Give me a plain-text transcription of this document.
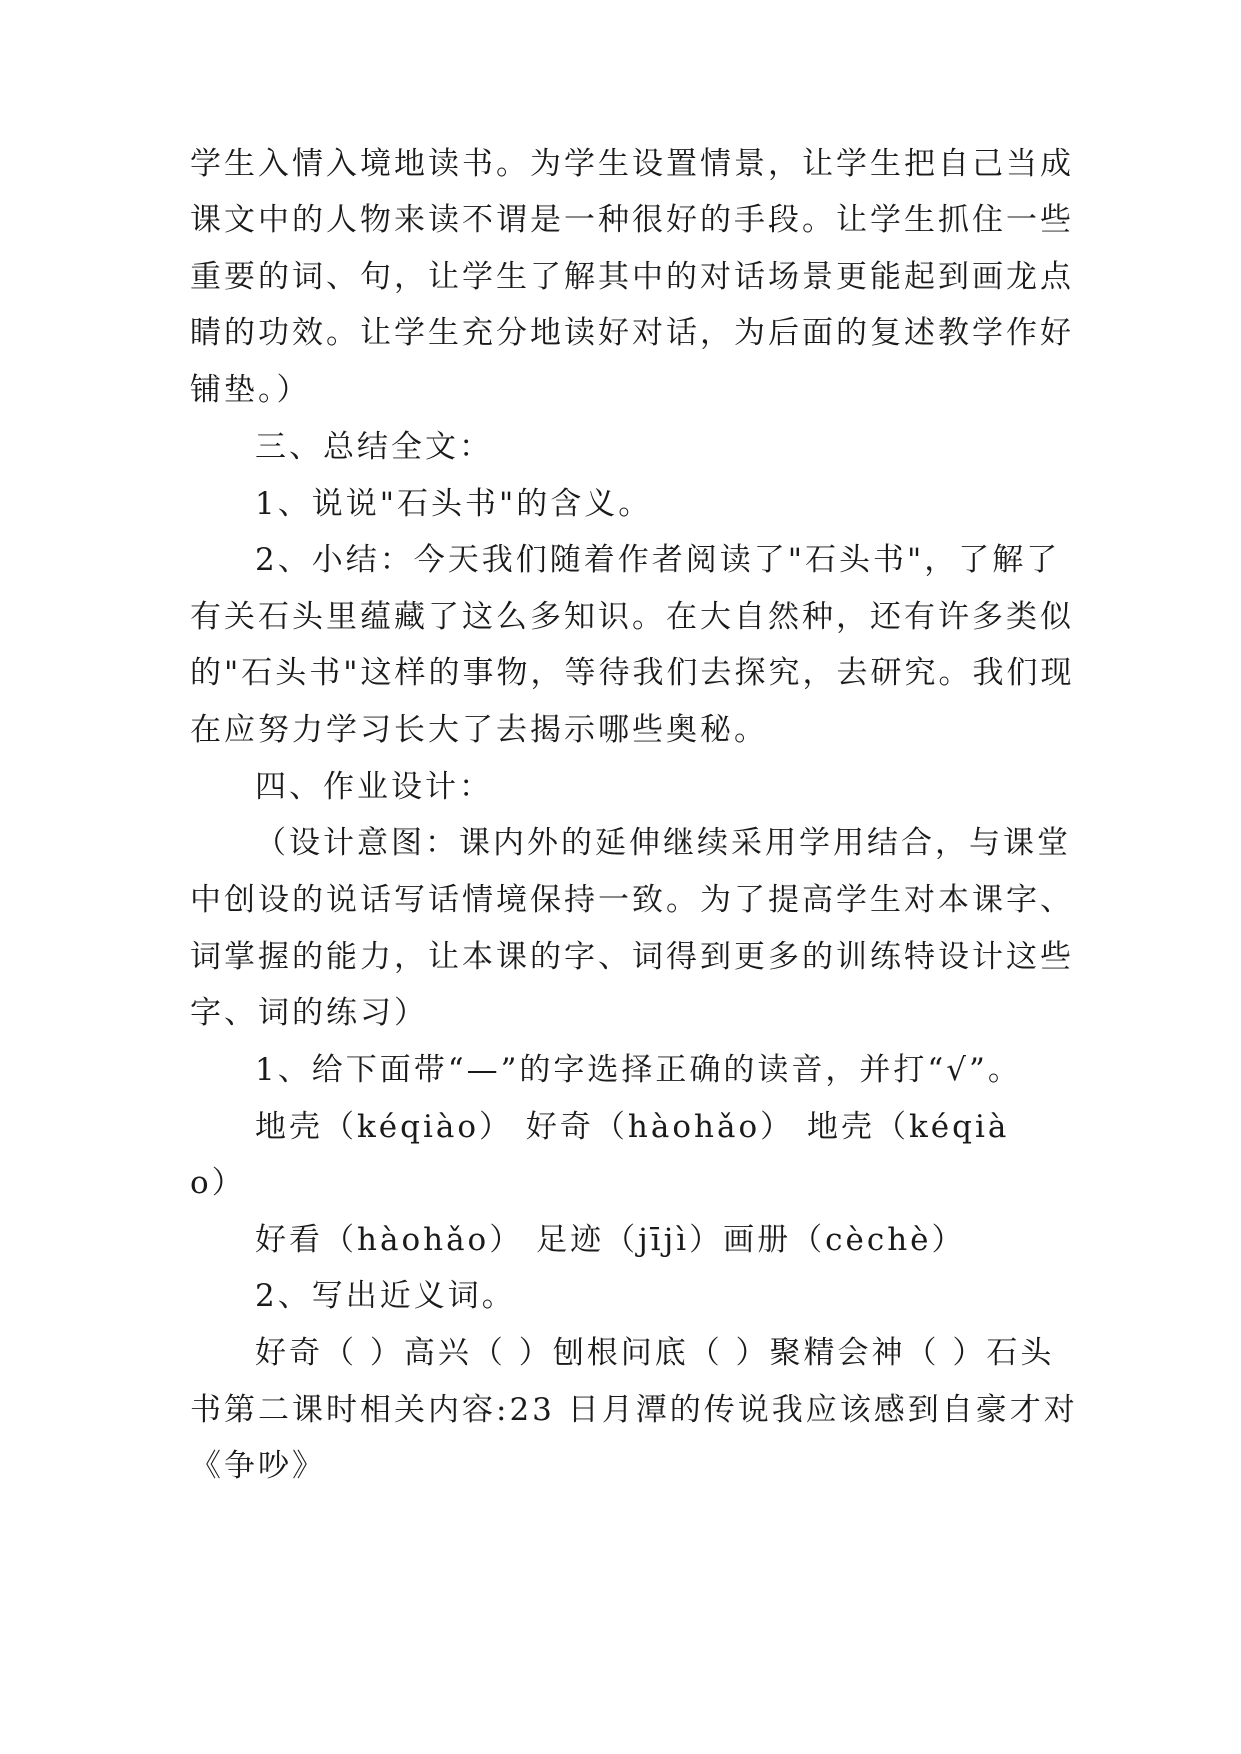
学生入情入境地读书。为学生设置情景，让学生把自己当成
课文中的人物来读不谓是一种很好的手段。让学生抓住一些
重要的词、句，让学生了解其中的对话场景更能起到画龙点
睛的功效。让学生充分地读好对话，为后面的复述教学作好
铺垫。）
三、总结全文：
1、说说"石头书"的含义。
2、小结：今天我们随着作者阅读了"石头书"，了解了
有关石头里蕴藏了这么多知识。在大自然种，还有许多类似
的"石头书"这样的事物，等待我们去探究，去研究。我们现
在应努力学习长大了去揭示哪些奥秘。
四、作业设计：
（设计意图：课内外的延伸继续采用学用结合，与课堂
中创设的说话写话情境保持一致。为了提高学生对本课字、
词掌握的能力，让本课的字、词得到更多的训练特设计这些
字、词的练习）
1、给下面带“—”的字选择正确的读音，并打“√”。
地壳（kéqiào） 好奇（hàohǎo） 地壳（kéqià
o）
好看（hàohǎo） 足迹（jījì）画册（cèchè）
2、写出近义词。
好奇（ ）高兴（ ）刨根问底（ ）聚精会神（ ）石头
书第二课时相关内容:23 日月潭的传说我应该感到自豪才对
《争吵》
